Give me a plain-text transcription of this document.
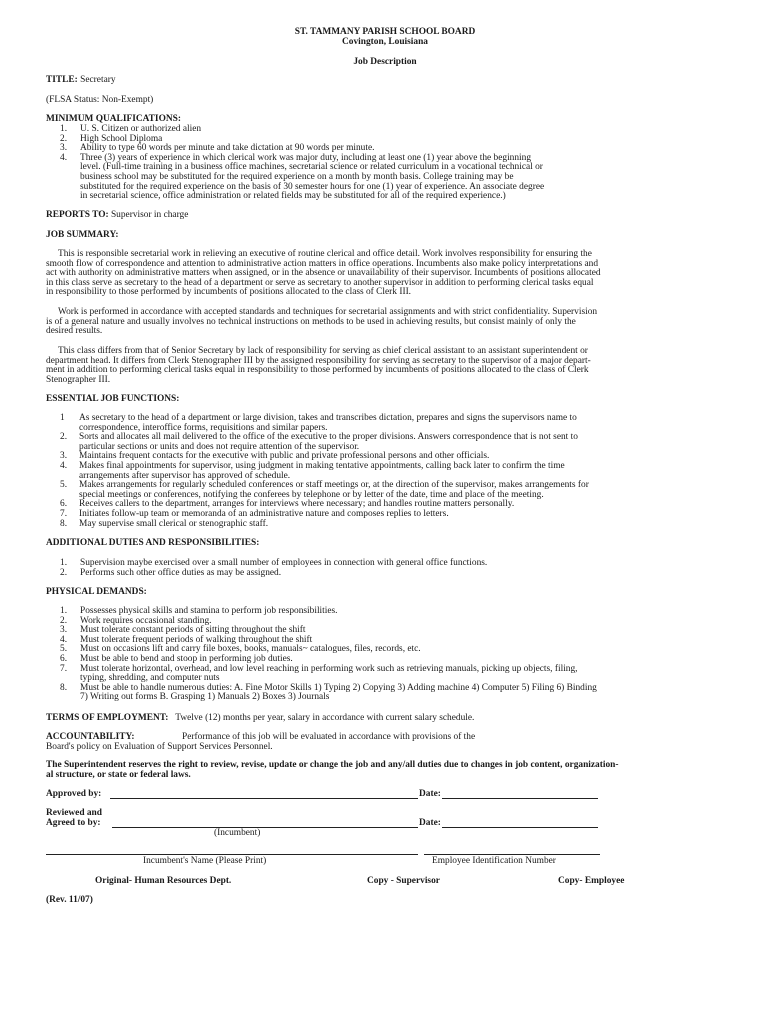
ST. TAMMANY PARISH SCHOOL BOARD
Covington, Louisiana
Job Description
TITLE: Secretary
(FLSA Status: Non-Exempt)
MINIMUM QUALIFICATIONS:
1. U. S. Citizen or authorized alien
2. High School Diploma
3. Ability to type 60 words per minute and take dictation at 90 words per minute.
4. Three (3) years of experience in which clerical work was major duty, including at least one (1) year above the beginning
level. (Full-time training in a business office machines, secretarial science or related curriculum in a vocational technical or
business school may be substituted for the required experience on a month by month basis. College training may be
substituted for the required experience on the basis of 30 semester hours for one (1) year of experience. An associate degree
in secretarial science, office administration or related fields may be substituted for all of the required experience.)
REPORTS TO: Supervisor in charge
JOB SUMMARY:
This is responsible secretarial work in relieving an executive of routine clerical and office detail. Work involves responsibility for ensuring the
smooth flow of correspondence and attention to administrative action matters in office operations. Incumbents also make policy interpretations and
act with authority on administrative matters when assigned, or in the absence or unavailability of their supervisor. Incumbents of positions allocated
in this class serve as secretary to the head of a department or serve as secretary to another supervisor in addition to performing clerical tasks equal
in responsibility to those performed by incumbents of positions allocated to the class of Clerk III.
Work is performed in accordance with accepted standards and techniques for secretarial assignments and with strict confidentiality. Supervision
is of a general nature and usually involves no technical instructions on methods to be used in achieving results, but consist mainly of only the
desired results.
This class differs from that of Senior Secretary by lack of responsibility for serving as chief clerical assistant to an assistant superintendent or
department head. It differs from Clerk Stenographer III by the assigned responsibility for serving as secretary to the supervisor of a major depart-
ment in addition to performing clerical tasks equal in responsibility to those performed by incumbents of positions allocated to the class of Clerk
Stenographer III.
ESSENTIAL JOB FUNCTIONS:
1 As secretary to the head of a department or large division, takes and transcribes dictation, prepares and signs the supervisors name to
correspondence, interoffice forms, requisitions and similar papers.
2. Sorts and allocates all mail delivered to the office of the executive to the proper divisions. Answers correspondence that is not sent to
particular sections or units and does not require attention of the supervisor.
3. Maintains frequent contacts for the executive with public and private professional persons and other officials.
4. Makes final appointments for supervisor, using judgment in making tentative appointments, calling back later to confirm the time
arrangements after supervisor has approved of schedule.
5. Makes arrangements for regularly scheduled conferences or staff meetings or, at the direction of the supervisor, makes arrangements for
special meetings or conferences, notifying the conferees by telephone or by letter of the date, time and place of the meeting.
6. Receives callers to the department, arranges for interviews where necessary; and handles routine matters personally.
7. Initiates follow-up team or memoranda of an administrative nature and composes replies to letters.
8. May supervise small clerical or stenographic staff.
ADDITIONAL DUTIES AND RESPONSIBILITIES:
1. Supervision maybe exercised over a small number of employees in connection with general office functions.
2. Performs such other office duties as may be assigned.
PHYSICAL DEMANDS:
1. Possesses physical skills and stamina to perform job responsibilities.
2. Work requires occasional standing.
3. Must tolerate constant periods of sitting throughout the shift
4. Must tolerate frequent periods of walking throughout the shift
5. Must on occasions lift and carry file boxes, books, manuals~ catalogues, files, records, etc.
6. Must be able to bend and stoop in performing job duties.
7. Must tolerate horizontal, overhead, and low level reaching in performing work such as retrieving manuals, picking up objects, filing,
typing, shredding, and computer nuts
8. Must be able to handle numerous duties: A. Fine Motor Skills 1) Typing 2) Copying 3) Adding machine 4) Computer 5) Filing 6) Binding
7) Writing out forms B. Grasping 1) Manuals 2) Boxes 3) Journals
TERMS OF EMPLOYMENT: Twelve (12) months per year, salary in accordance with current salary schedule.
ACCOUNTABILITY:	Performance of this job will be evaluated in accordance with provisions of the
Board's policy on Evaluation of Support Services Personnel.
The Superintendent reserves the right to review, revise, update or change the job and any/all duties due to changes in job content, organization-
al structure, or state or federal laws.
Approved by:	Date:
Reviewed and
Agreed to by:	Date:
(Incumbent)
Incumbent's Name (Please Print)	Employee Identification Number
Original- Human Resources Dept.	Copy - Supervisor	Copy- Employee
(Rev. 11/07)
